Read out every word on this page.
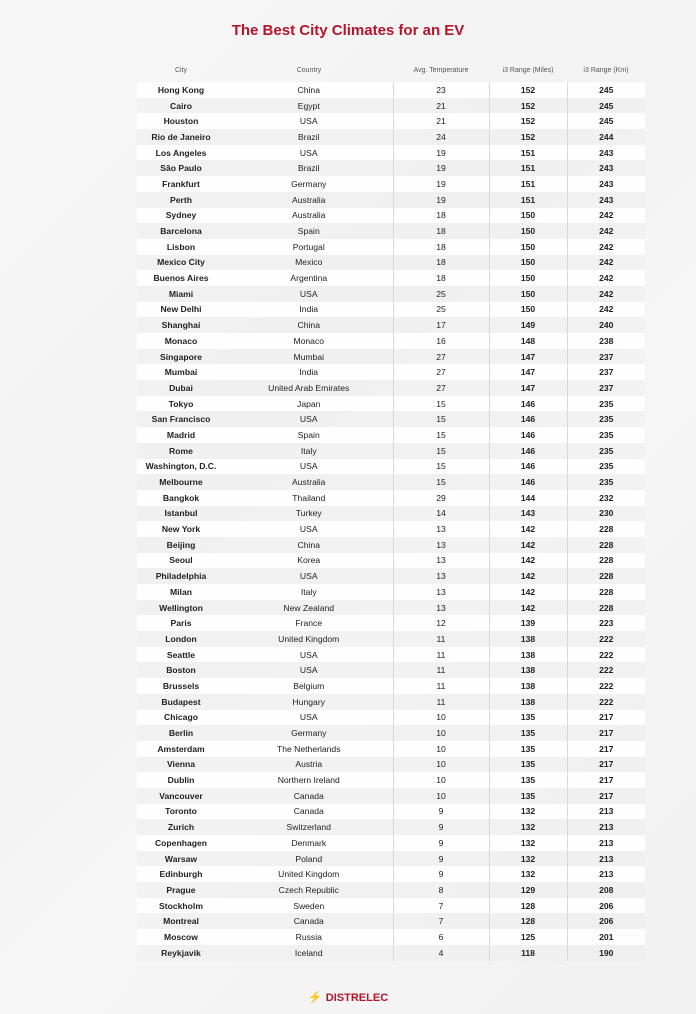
The Best City Climates for an EV
City	Country	Avg. Temperature	i3 Range (Miles)	i3 Range (Km)
Hong Kong	China	23	152	245
Cairo	Egypt	21	152	245
Houston	USA	21	152	245
Rio de Janeiro	Brazil	24	152	244
Los Angeles	USA	19	151	243
São Paulo	Brazil	19	151	243
Frankfurt	Germany	19	151	243
Perth	Australia	19	151	243
Sydney	Australia	18	150	242
Barcelona	Spain	18	150	242
Lisbon	Portugal	18	150	242
Mexico City	Mexico	18	150	242
Buenos Aires	Argentina	18	150	242
Miami	USA	25	150	242
New Delhi	India	25	150	242
Shanghai	China	17	149	240
Monaco	Monaco	16	148	238
Singapore	Mumbai	27	147	237
Mumbai	India	27	147	237
Dubai	United Arab Emirates	27	147	237
Tokyo	Japan	15	146	235
San Francisco	USA	15	146	235
Madrid	Spain	15	146	235
Rome	Italy	15	146	235
Washington, D.C.	USA	15	146	235
Melbourne	Australia	15	146	235
Bangkok	Thailand	29	144	232
Istanbul	Turkey	14	143	230
New York	USA	13	142	228
Beijing	China	13	142	228
Seoul	Korea	13	142	228
Philadelphia	USA	13	142	228
Milan	Italy	13	142	228
Wellington	New Zealand	13	142	228
Paris	France	12	139	223
London	United Kingdom	11	138	222
Seattle	USA	11	138	222
Boston	USA	11	138	222
Brussels	Belgium	11	138	222
Budapest	Hungary	11	138	222
Chicago	USA	10	135	217
Berlin	Germany	10	135	217
Amsterdam	The Netherlands	10	135	217
Vienna	Austria	10	135	217
Dublin	Northern Ireland	10	135	217
Vancouver	Canada	10	135	217
Toronto	Canada	9	132	213
Zurich	Switzerland	9	132	213
Copenhagen	Denmark	9	132	213
Warsaw	Poland	9	132	213
Edinburgh	United Kingdom	9	132	213
Prague	Czech Republic	8	129	208
Stockholm	Sweden	7	128	206
Montreal	Canada	7	128	206
Moscow	Russia	6	125	201
Reykjavik	Iceland	4	118	190
⚡ DISTRELEC
